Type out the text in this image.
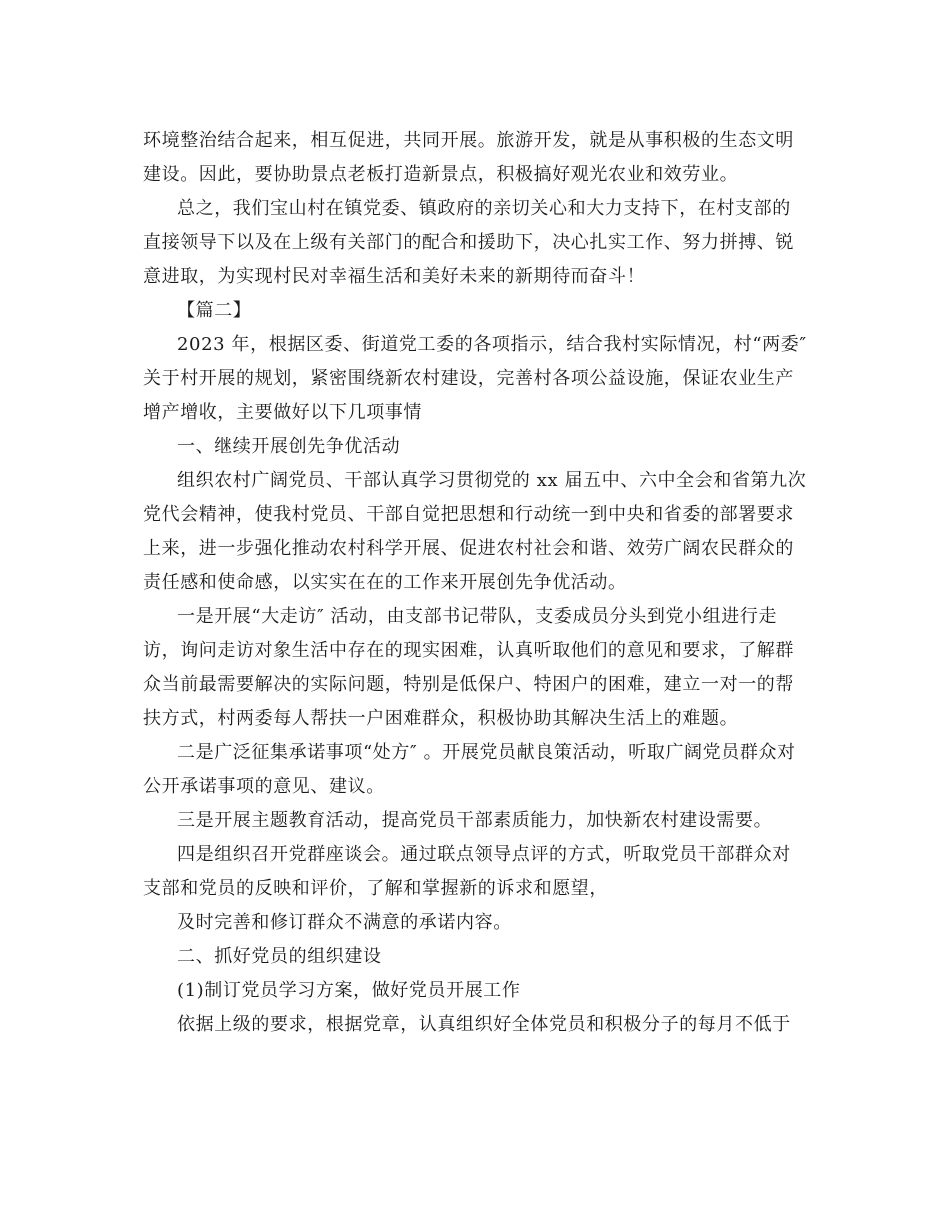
环境整治结合起来，相互促进，共同开展。旅游开发，就是从事积极的生态文明
建设。因此，要协助景点老板打造新景点，积极搞好观光农业和效劳业。
总之，我们宝山村在镇党委、镇政府的亲切关心和大力支持下，在村支部的
直接领导下以及在上级有关部门的配合和援助下，决心扎实工作、努力拼搏、锐
意进取，为实现村民对幸福生活和美好未来的新期待而奋斗！
【篇二】
2023 年，根据区委、街道党工委的各项指示，结合我村实际情况，村“两委″
关于村开展的规划，紧密围绕新农村建设，完善村各项公益设施，保证农业生产
增产增收，主要做好以下几项事情
一、继续开展创先争优活动
组织农村广阔党员、干部认真学习贯彻党的 xx 届五中、六中全会和省第九次
党代会精神，使我村党员、干部自觉把思想和行动统一到中央和省委的部署要求
上来，进一步强化推动农村科学开展、促进农村社会和谐、效劳广阔农民群众的
责任感和使命感，以实实在在的工作来开展创先争优活动。
一是开展“大走访″ 活动，由支部书记带队，支委成员分头到党小组进行走
访，询问走访对象生活中存在的现实困难，认真听取他们的意见和要求，了解群
众当前最需要解决的实际问题，特别是低保户、特困户的困难，建立一对一的帮
扶方式，村两委每人帮扶一户困难群众，积极协助其解决生活上的难题。
二是广泛征集承诺事项“处方″ 。开展党员献良策活动，听取广阔党员群众对
公开承诺事项的意见、建议。
三是开展主题教育活动，提高党员干部素质能力，加快新农村建设需要。
四是组织召开党群座谈会。通过联点领导点评的方式，听取党员干部群众对
支部和党员的反映和评价，了解和掌握新的诉求和愿望，
及时完善和修订群众不满意的承诺内容。
二、抓好党员的组织建设
(1)制订党员学习方案，做好党员开展工作
依据上级的要求，根据党章，认真组织好全体党员和积极分子的每月不低于
